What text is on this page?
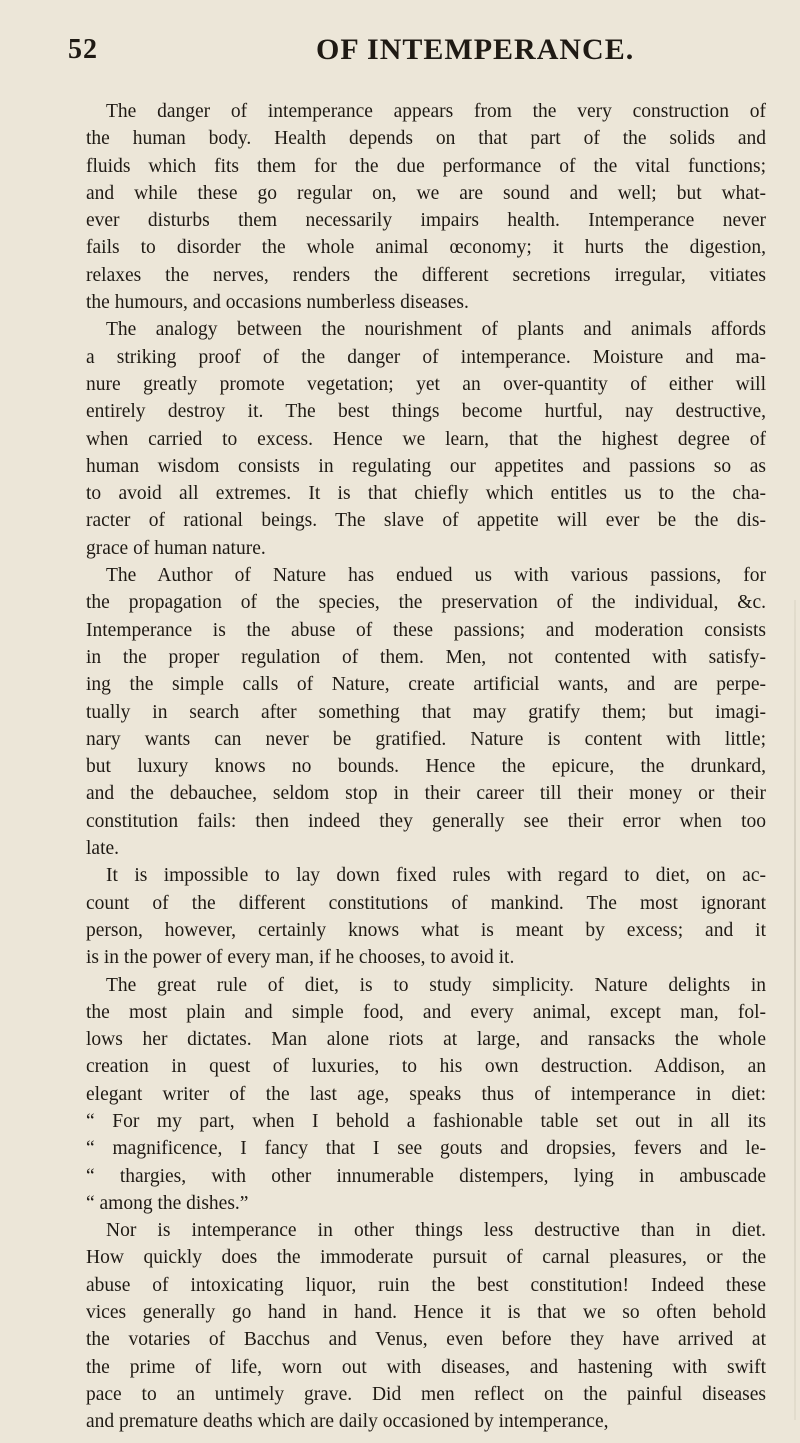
52	OF INTEMPERANCE.
The danger of intemperance appears from the very construction of
the human body. Health depends on that part of the solids and
fluids which fits them for the due performance of the vital functions;
and while these go regular on, we are sound and well; but what-
ever disturbs them necessarily impairs health. Intemperance never
fails to disorder the whole animal œconomy; it hurts the digestion,
relaxes the nerves, renders the different secretions irregular, vitiates
the humours, and occasions numberless diseases.
The analogy between the nourishment of plants and animals affords
a striking proof of the danger of intemperance. Moisture and ma-
nure greatly promote vegetation; yet an over-quantity of either will
entirely destroy it. The best things become hurtful, nay destructive,
when carried to excess. Hence we learn, that the highest degree of
human wisdom consists in regulating our appetites and passions so as
to avoid all extremes. It is that chiefly which entitles us to the cha-
racter of rational beings. The slave of appetite will ever be the dis-
grace of human nature.
The Author of Nature has endued us with various passions, for
the propagation of the species, the preservation of the individual, &c.
Intemperance is the abuse of these passions; and moderation consists
in the proper regulation of them. Men, not contented with satisfy-
ing the simple calls of Nature, create artificial wants, and are perpe-
tually in search after something that may gratify them; but imagi-
nary wants can never be gratified. Nature is content with little;
but luxury knows no bounds. Hence the epicure, the drunkard,
and the debauchee, seldom stop in their career till their money or their
constitution fails: then indeed they generally see their error when too
late.
It is impossible to lay down fixed rules with regard to diet, on ac-
count of the different constitutions of mankind. The most ignorant
person, however, certainly knows what is meant by excess; and it
is in the power of every man, if he chooses, to avoid it.
The great rule of diet, is to study simplicity. Nature delights in
the most plain and simple food, and every animal, except man, fol-
lows her dictates. Man alone riots at large, and ransacks the whole
creation in quest of luxuries, to his own destruction. Addison, an
elegant writer of the last age, speaks thus of intemperance in diet:
“ For my part, when I behold a fashionable table set out in all its
“ magnificence, I fancy that I see gouts and dropsies, fevers and le-
“ thargies, with other innumerable distempers, lying in ambuscade
“ among the dishes.”
Nor is intemperance in other things less destructive than in diet.
How quickly does the immoderate pursuit of carnal pleasures, or the
abuse of intoxicating liquor, ruin the best constitution! Indeed these
vices generally go hand in hand. Hence it is that we so often behold
the votaries of Bacchus and Venus, even before they have arrived at
the prime of life, worn out with diseases, and hastening with swift
pace to an untimely grave. Did men reflect on the painful diseases
and premature deaths which are daily occasioned by intemperance,
